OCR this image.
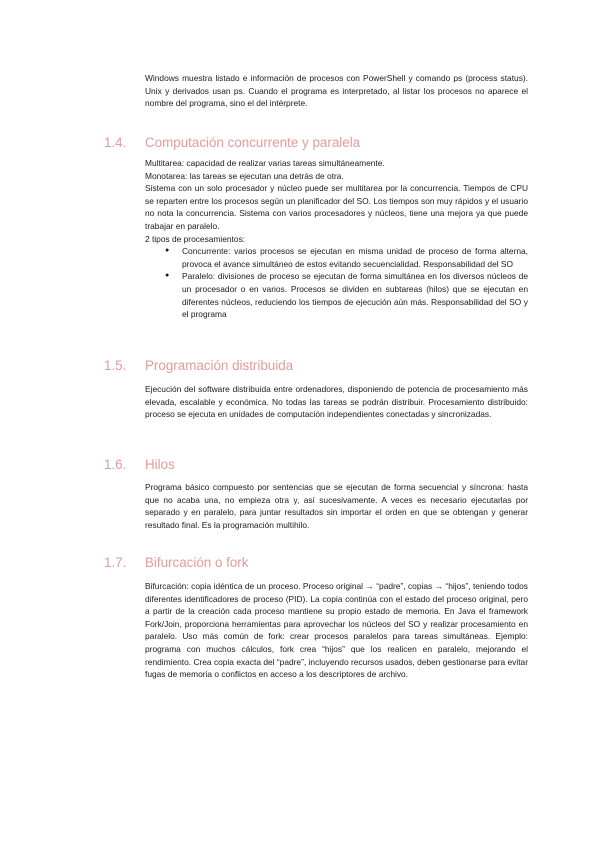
Windows muestra listado e información de procesos con PowerShell y comando ps (process status). Unix y derivados usan ps. Cuando el programa es interpretado, al listar los procesos no aparece el nombre del programa, sino el del intérprete.

1.4. Computación concurrente y paralela
Multitarea: capacidad de realizar varias tareas simultáneamente.
Monotarea: las tareas se ejecutan una detrás de otra.
Sistema con un solo procesador y núcleo puede ser multitarea por la concurrencia. Tiempos de CPU se reparten entre los procesos según un planificador del SO. Los tiempos son muy rápidos y el usuario no nota la concurrencia. Sistema con varios procesadores y núcleos, tiene una mejora ya que puede trabajar en paralelo.
2 tipos de procesamientos:
● Concurrente: varios procesos se ejecutan en misma unidad de proceso de forma alterna, provoca el avance simultáneo de estos evitando secuencialidad. Responsabilidad del SO
● Paralelo: divisiones de proceso se ejecutan de forma simultánea en los diversos núcleos de un procesador o en varios. Procesos se dividen en subtareas (hilos) que se ejecutan en diferentes núcleos, reduciendo los tiempos de ejecución aún más. Responsabilidad del SO y el programa
1.5. Programación distribuida

Ejecución del software distribuida entre ordenadores, disponiendo de potencia de procesamiento más elevada, escalable y económica. No todas las tareas se podrán distribuir. Procesamiento distribuido: proceso se ejecuta en unidades de computación independientes conectadas y sincronizadas.

1.6. Hilos

Programa básico compuesto por sentencias que se ejecutan de forma secuencial y síncrona: hasta que no acaba una, no empieza otra y, así sucesivamente. A veces es necesario ejecutarlas por separado y en paralelo, para juntar resultados sin importar el orden en que se obtengan y generar resultado final. Es la programación multihilo.

1.7. Bifurcación o fork

Bifurcación: copia idéntica de un proceso. Proceso original → “padre”, copias → “hijos”, teniendo todos diferentes identificadores de proceso (PID). La copia continúa con el estado del proceso original, pero a partir de la creación cada proceso mantiene su propio estado de memoria. En Java el framework Fork/Join, proporciona herramientas para aprovechar los núcleos del SO y realizar procesamiento en paralelo. Uso más común de fork: crear procesos paralelos para tareas simultáneas. Ejemplo: programa con muchos cálculos, fork crea “hijos” que los realicen en paralelo, mejorando el rendimiento. Crea copia exacta del “padre”, incluyendo recursos usados, deben gestionarse para evitar fugas de memoria o conflictos en acceso a los descriptores de archivo.
